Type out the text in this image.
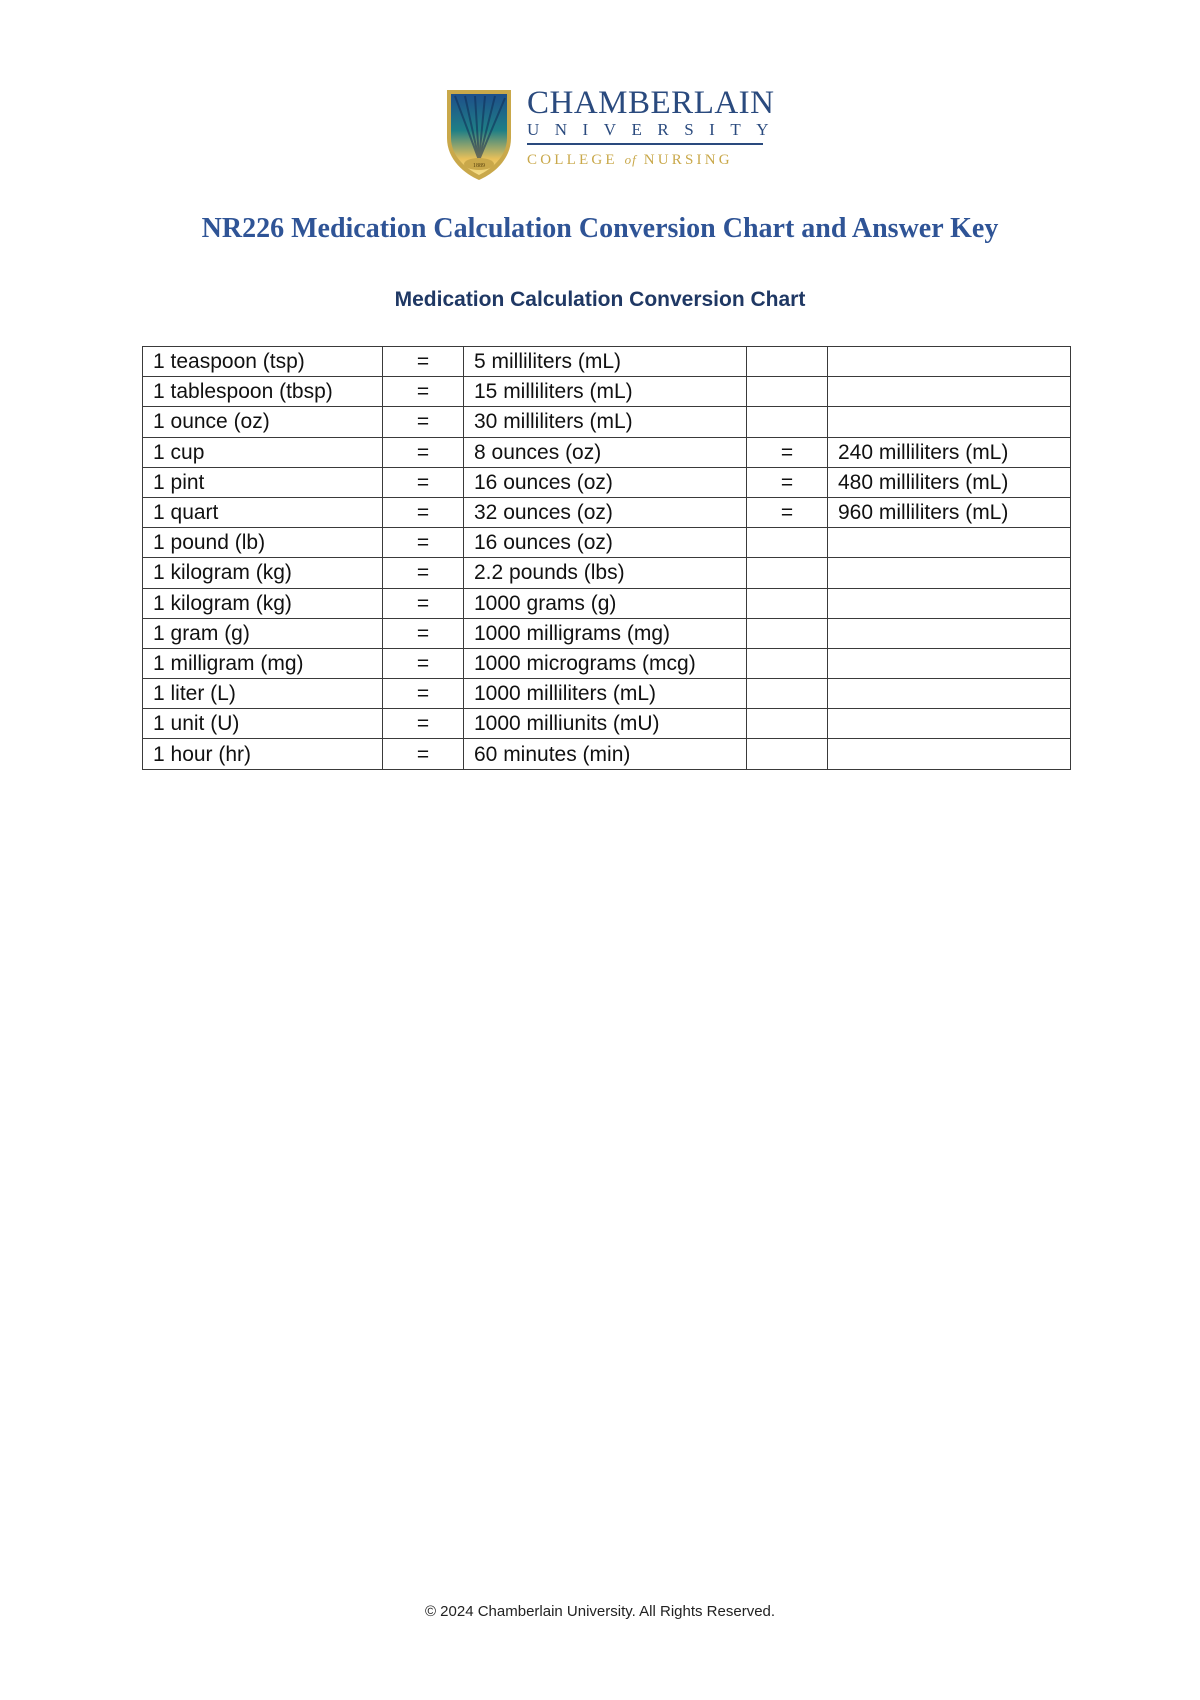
1889
CHAMBERLAIN
UNIVERSITY
COLLEGE of NURSING
NR226 Medication Calculation Conversion Chart and Answer Key
Medication Calculation Conversion Chart
1 teaspoon (tsp)	=	5 milliliters (mL)		
1 tablespoon (tbsp)	=	15 milliliters (mL)		
1 ounce (oz)	=	30 milliliters (mL)		
1 cup	=	8 ounces (oz)	=	240 milliliters (mL)
1 pint	=	16 ounces (oz)	=	480 milliliters (mL)
1 quart	=	32 ounces (oz)	=	960 milliliters (mL)
1 pound (lb)	=	16 ounces (oz)		
1 kilogram (kg)	=	2.2 pounds (lbs)		
1 kilogram (kg)	=	1000 grams (g)		
1 gram (g)	=	1000 milligrams (mg)		
1 milligram (mg)	=	1000 micrograms (mcg)		
1 liter (L)	=	1000 milliliters (mL)		
1 unit (U)	=	1000 milliunits (mU)		
1 hour (hr)	=	60 minutes (min)		
© 2024 Chamberlain University. All Rights Reserved.
